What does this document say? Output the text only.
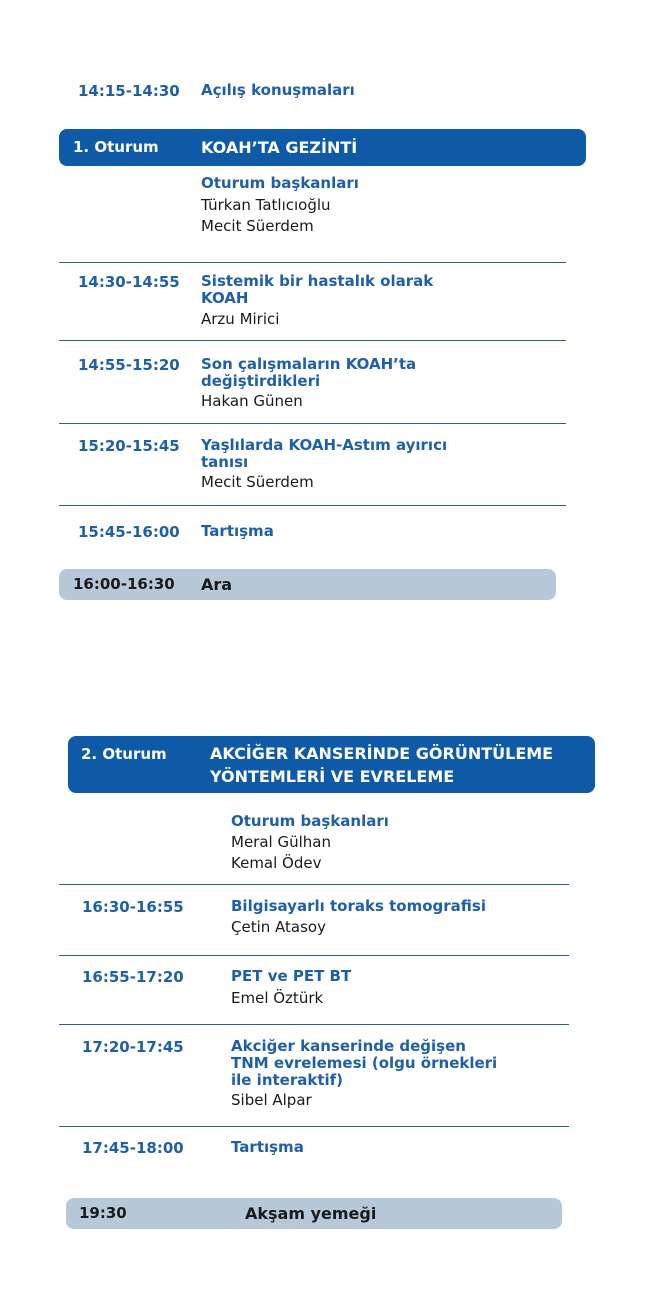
14:15-14:30 Açılış konuşmaları
1. Oturum	KOAH’TA GEZİNTİ
Oturum başkanları
Türkan Tatlıcıoğlu
Mecit Süerdem
14:30-14:55 Sistemik bir hastalık olarak
KOAH
Arzu Mirici
14:55-15:20 Son çalışmaların KOAH’ta
değiştirdikleri
Hakan Günen
15:20-15:45 Yaşlılarda KOAH-Astım ayırıcı
tanısı
Mecit Süerdem
15:45-16:00 Tartışma
16:00-16:30 Ara
2. Oturum	AKCİĞER KANSERİNDE GÖRÜNTÜLEME
YÖNTEMLERİ VE EVRELEME
Oturum başkanları
Meral Gülhan
Kemal Ödev
16:30-16:55	Bilgisayarlı toraks tomografisi
Çetin Atasoy
16:55-17:20	PET ve PET BT
Emel Öztürk
17:20-17:45	Akciğer kanserinde değişen
TNM evrelemesi (olgu örnekleri
ile interaktif)
Sibel Alpar
17:45-18:00	Tartışma
19:30	Akşam yemeği
